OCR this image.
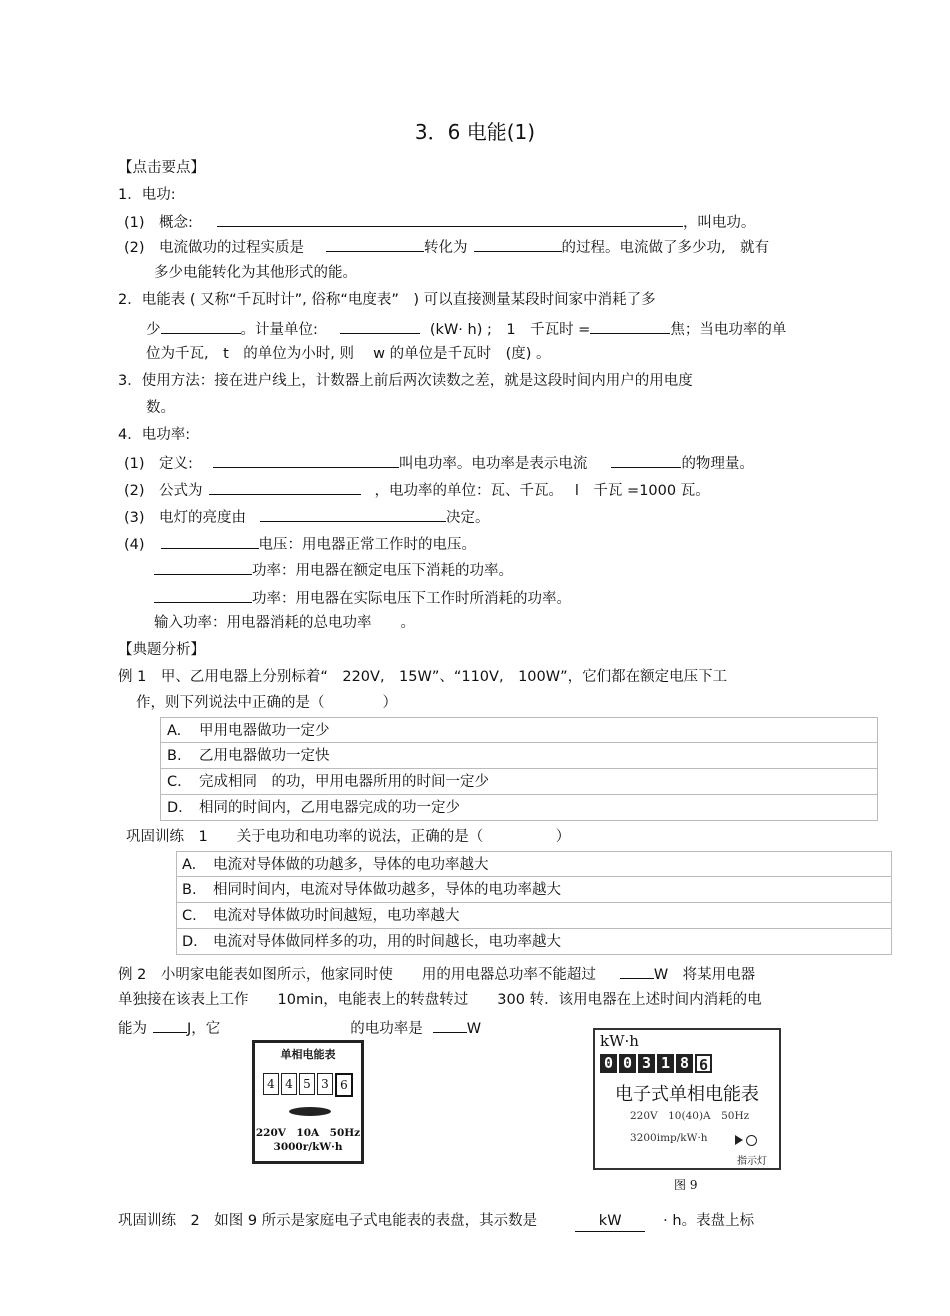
3．6 电能(1)
【点击要点】
1．电功:
(1)　概念:	，叫电功。
(2)　电流做功的过程实质是	转化为	的过程。电流做了多少功,　就有
多少电能转化为其他形式的能。
2．电能表 ( 又称“千瓦时计”, 俗称“电度表”　) 可以直接测量某段时间家中消耗了多
少	。计量单位:	(kW· h) ;　1　千瓦时 =	焦；当电功率的单
位为千瓦,　t　的单位为小时, 则　 w 的单位是千瓦时　(度) 。
3．使用方法：接在进户线上，计数器上前后两次读数之差，就是这段时间内用户的用电度
数。
4．电功率:
(1)　定义:	叫电功率。电功率是表示电流	的物理量。
(2)　公式为	，电功率的单位：瓦、千瓦。　 l　千瓦 =1000 瓦。
(3)　电灯的亮度由	决定。
(4)	电压：用电器正常工作时的电压。
功率：用电器在额定电压下消耗的功率。
功率：用电器在实际电压下工作时所消耗的功率。
输入功率：用电器消耗的总电功率　　。
【典题分析】
例 1　甲、乙用电器上分别标着“　220V,　15W”、“110V,　100W”，它们都在额定电压下工
作，则下列说法中正确的是（　　　　）
A. 甲用电器做功一定少
B. 乙用电器做功一定快
C. 完成相同　的功，甲用电器所用的时间一定少
D. 相同的时间内，乙用电器完成的功一定少
巩固训练　1　　关于电功和电功率的说法，正确的是（　　　　　）
A. 电流对导体做的功越多，导体的电功率越大
B. 相同时间内，电流对导体做功越多，导体的电功率越大
C. 电流对导体做功时间越短，电功率越大
D. 电流对导体做同样多的功，用的时间越长，电功率越大
例 2　小明家电能表如图所示，他家同时使　　用的用电器总功率不能超过	W　将某用电器
单独接在该表上工作　　10min，电能表上的转盘转过　　300 转．该用电器在上述时间内消耗的电
能为	J，它	的电功率是	W
单相电能表
4 4 5 3 6
220V　10A　50Hz
3000r/kW·h
kW·h
0 0 3 1 8 6
电子式单相电能表
220V　10(40)A　50Hz
3200imp/kW·h
指示灯
图 9
巩固训练　2　如图 9 所示是家庭电子式电能表的表盘，其示数是	kW	· h。表盘上标
